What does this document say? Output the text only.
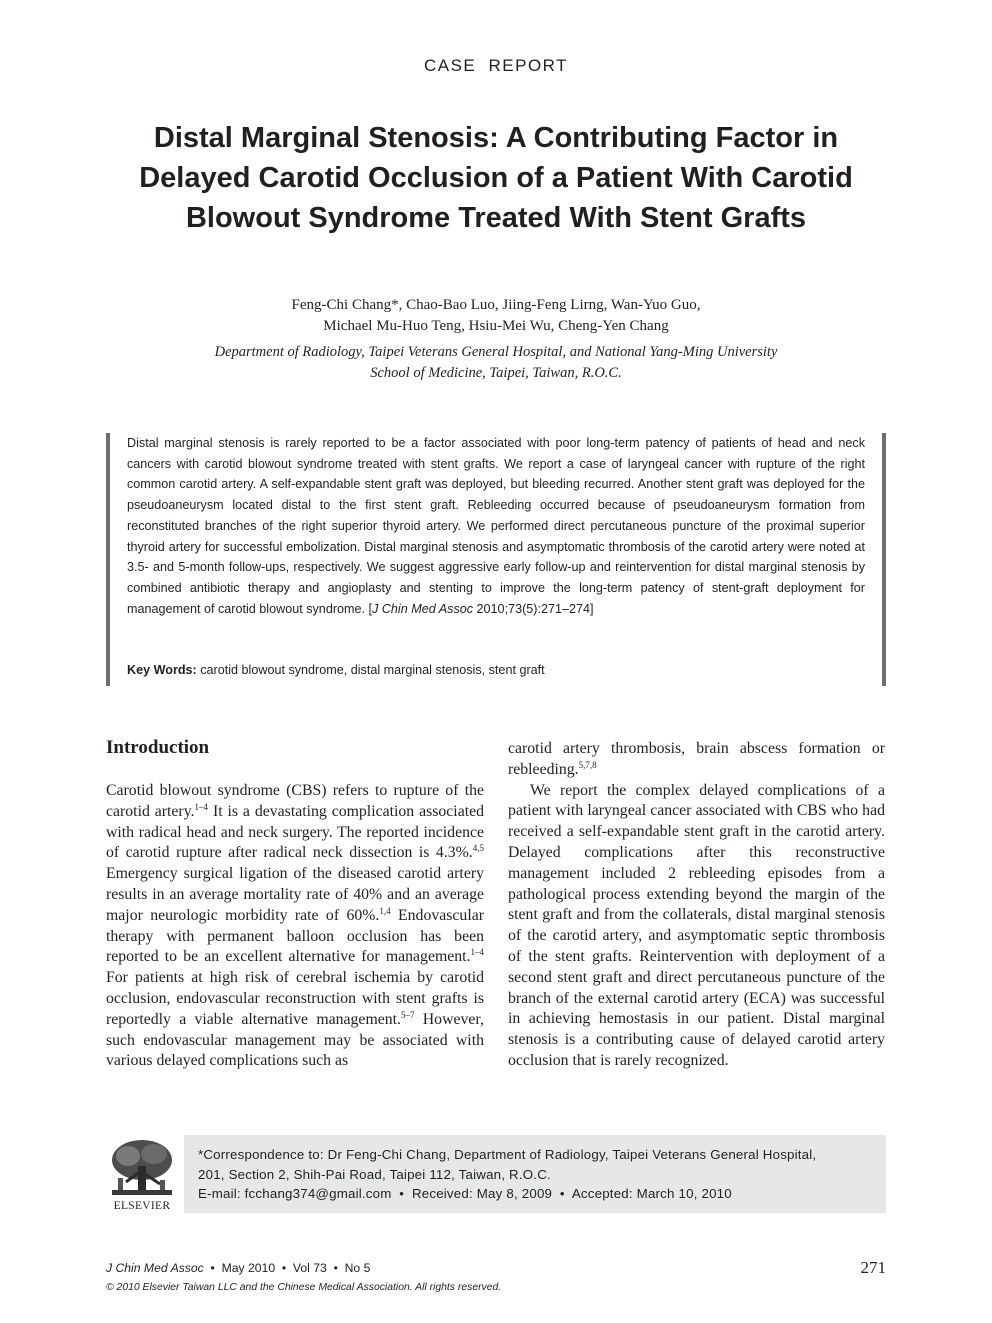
CASE REPORT
Distal Marginal Stenosis: A Contributing Factor in Delayed Carotid Occlusion of a Patient With Carotid Blowout Syndrome Treated With Stent Grafts
Feng-Chi Chang*, Chao-Bao Luo, Jiing-Feng Lirng, Wan-Yuo Guo,
Michael Mu-Huo Teng, Hsiu-Mei Wu, Cheng-Yen Chang
Department of Radiology, Taipei Veterans General Hospital, and National Yang-Ming University
School of Medicine, Taipei, Taiwan, R.O.C.

Distal marginal stenosis is rarely reported to be a factor associated with poor long-term patency of patients of head and neck cancers with carotid blowout syndrome treated with stent grafts. We report a case of laryngeal cancer with rupture of the right common carotid artery. A self-expandable stent graft was deployed, but bleeding recurred. Another stent graft was deployed for the pseudoaneurysm located distal to the first stent graft. Rebleeding occurred because of pseudoaneurysm formation from reconstituted branches of the right superior thyroid artery. We performed direct percutaneous puncture of the proximal superior thyroid artery for successful embolization. Distal marginal stenosis and asymptomatic thrombosis of the carotid artery were noted at 3.5- and 5-month follow-ups, respectively. We suggest aggressive early follow-up and reintervention for distal marginal stenosis by combined antibiotic therapy and angioplasty and stenting to improve the long-term patency of stent-graft deployment for management of carotid blowout syndrome. [J Chin Med Assoc 2010;73(5):271–274]

Key Words: carotid blowout syndrome, distal marginal stenosis, stent graft

Introduction

Carotid blowout syndrome (CBS) refers to rupture of the carotid artery.$^{1-4}$ It is a devastating complication associated with radical head and neck surgery. The reported incidence of carotid rupture after radical neck dissection is 4.3%.$^{4,5}$ Emergency surgical ligation of the diseased carotid artery results in an average mortality rate of 40% and an average major neurologic morbidity rate of 60%.$^{1,4}$ Endovascular therapy with permanent balloon occlusion has been reported to be an excellent alternative for management.$^{1-4}$ For patients at high risk of cerebral ischemia by carotid occlusion, endovascular reconstruction with stent grafts is reportedly a viable alternative management.$^{5-7}$ However, such endovascular management may be associated with various delayed complications such as

carotid artery thrombosis, brain abscess formation or rebleeding.$^{5,7,8}$

We report the complex delayed complications of a patient with laryngeal cancer associated with CBS who had received a self-expandable stent graft in the carotid artery. Delayed complications after this reconstructive management included 2 rebleeding episodes from a pathological process extending beyond the margin of the stent graft and from the collaterals, distal marginal stenosis of the carotid artery, and asymptomatic septic thrombosis of the stent grafts. Reintervention with deployment of a second stent graft and direct percutaneous puncture of the branch of the external carotid artery (ECA) was successful in achieving hemostasis in our patient. Distal marginal stenosis is a contributing cause of delayed carotid artery occlusion that is rarely recognized.

ELSEVIER
*Correspondence to: Dr Feng-Chi Chang, Department of Radiology, Taipei Veterans General Hospital,
201, Section 2, Shih-Pai Road, Taipei 112, Taiwan, R.O.C.
E-mail: fcchang374@gmail.com  •  Received: May 8, 2009  •  Accepted: March 10, 2010
J Chin Med Assoc  •  May 2010  •  Vol 73  •  No 5
© 2010 Elsevier Taiwan LLC and the Chinese Medical Association. All rights reserved.
271
